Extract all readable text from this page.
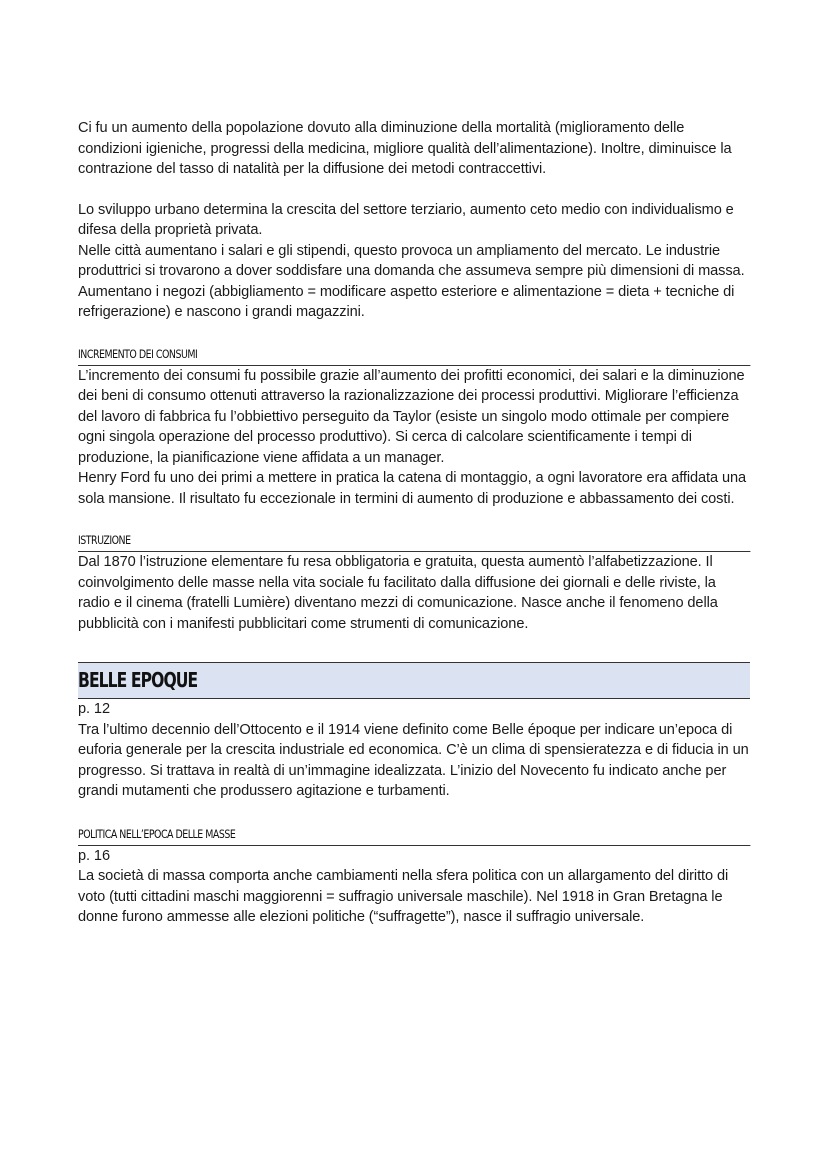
Ci fu un aumento della popolazione dovuto alla diminuzione della mortalità (miglioramento delle condizioni igieniche, progressi della medicina, migliore qualità dell’alimentazione). Inoltre, diminuisce la contrazione del tasso di natalità per la diffusione dei metodi contraccettivi.

Lo sviluppo urbano determina la crescita del settore terziario, aumento ceto medio con individualismo e difesa della proprietà privata.

Nelle città aumentano i salari e gli stipendi, questo provoca un ampliamento del mercato. Le industrie produttrici si trovarono a dover soddisfare una domanda che assumeva sempre più dimensioni di massa. Aumentano i negozi (abbigliamento = modificare aspetto esteriore e alimentazione = dieta + tecniche di refrigerazione) e nascono i grandi magazzini.

INCREMENTO DEI CONSUMI

L’incremento dei consumi fu possibile grazie all’aumento dei profitti economici, dei salari e la diminuzione dei beni di consumo ottenuti attraverso la razionalizzazione dei processi produttivi. Migliorare l’efficienza del lavoro di fabbrica fu l’obbiettivo perseguito da Taylor (esiste un singolo modo ottimale per compiere ogni singola operazione del processo produttivo). Si cerca di calcolare scientificamente i tempi di produzione, la pianificazione viene affidata a un manager.

Henry Ford fu uno dei primi a mettere in pratica la catena di montaggio, a ogni lavoratore era affidata una sola mansione. Il risultato fu eccezionale in termini di aumento di produzione e abbassamento dei costi.

ISTRUZIONE

Dal 1870 l’istruzione elementare fu resa obbligatoria e gratuita, questa aumentò l’alfabetizzazione. Il coinvolgimento delle masse nella vita sociale fu facilitato dalla diffusione dei giornali e delle riviste, la radio e il cinema (fratelli Lumière) diventano mezzi di comunicazione. Nasce anche il fenomeno della pubblicità con i manifesti pubblicitari come strumenti di comunicazione.

BELLE EPOQUE

p. 12

Tra l’ultimo decennio dell’Ottocento e il 1914 viene definito come Belle époque per indicare un’epoca di euforia generale per la crescita industriale ed economica. C’è un clima di spensieratezza e di fiducia in un progresso. Si trattava in realtà di un’immagine idealizzata. L’inizio del Novecento fu indicato anche per grandi mutamenti che produssero agitazione e turbamenti.

POLITICA NELL’EPOCA DELLE MASSE

p. 16

La società di massa comporta anche cambiamenti nella sfera politica con un allargamento del diritto di voto (tutti cittadini maschi maggiorenni = suffragio universale maschile). Nel 1918 in Gran Bretagna le donne furono ammesse alle elezioni politiche (“suffragette”), nasce il suffragio universale.
